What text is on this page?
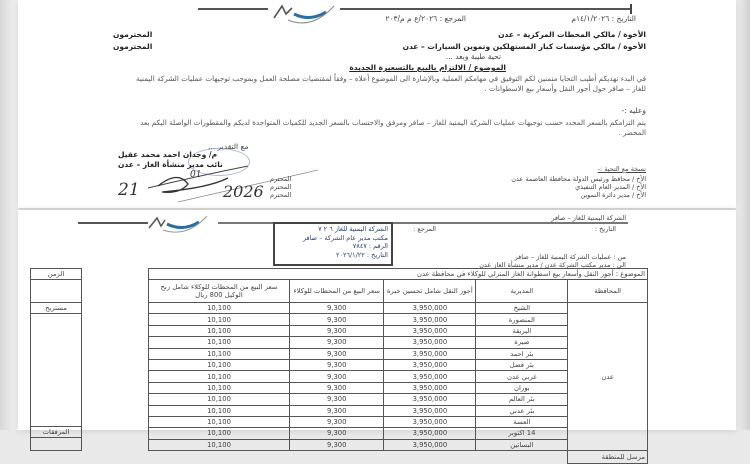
التاريخ : ١٤/١/٢٠٢٦م
المرجع : ٢٠٢٦/ع م م/٢٠٣
الأخوة / مالكي المحطات المركزية – عدن
المحترمون
الأخوة / مالكي مؤسسات كبار المستهلكين وتموين السيارات – عدن
المحترمون
تحية طيبة وبعد ...
الموضوع / الالتزام بالبيع بالتسعيرة الجديدة
في البدء نهديكم أطيب التحايا متمنين لكم التوفيق في مهامكم العملية وبالإشارة الى الموضوع أعلاه – وفقاً لمقتضيات مصلحة العمل وبموجب توجيهات عمليات الشركة اليمنية للغاز – صافر حول أجور النقل وأسعار بيع الاسطوانات .
وعليه :-
يتم التزامكم بالسعر المحدد حسب توجيهات عمليات الشركة اليمنية للغاز – صافر ومرفق والاحتساب بالسعر الجديد للكميات المتواجدة لديكم والمقطورات الواصلة اليكم بعد المحضر .
مع التقدير ...
م/ وجدان احمد محمد عقيل
نائب مدير منشأة الغاز – عدن
21
01
2026
نسخة مع التحية :-
الأخ / محافظ ورئيس الدولة محافظة العاصمة عدن
المحترم
الأخ / المدير العام التنفيذي
المحترم
الأخ / مدير دائرة التموين
المحترم
الشركة اليمنية للغاز – صافر
التاريخ :
المرجع :
الشركة اليمنية للغاز ٦ ٢ ٧
مكتب مدير عام الشركة – صافر
الرقم : ٧٨٤٧
التاريخ : ٢٠٢٦/١/٢٢	من : عمليات الشركة اليمنية للغاز – صافر
الى : مدير مكتب الشركة عدن / مدير منشأة الغاز عدن
الموضوع : أجور النقل وأسعار بيع اسطوانة الغاز المنزلي للوكلاء في محافظة عدن				
المحافظة	المديرية	أجور النقل شامل تحسين خبرة	سعر البيع من المحطات للوكلاء	سعر البيع من المحطات للوكلاء شامل ربح الوكيل 800 ريال
عدن	الشيخ	3,950,000	9,300	10,100
	المنصورة	3,950,000	9,300	10,100
	البريقة	3,950,000	9,300	10,100
	صيرة	3,950,000	9,300	10,100
	بئر احمد	3,950,000	9,300	10,100
	بئر فضل	3,950,000	9,300	10,100
	غربي عدن	3,950,000	9,300	10,100
	بوران	3,950,000	9,300	10,100
	بئر العالم	3,950,000	9,300	10,100
	بئر عدني	3,950,000	9,300	10,100
	العسة	3,950,000	9,300	10,100
	14 اكتوبر	3,950,000	9,300	10,100
	البساتين	3,950,000	9,300	10,100
مرسل للمنطقة				
الزمن

مستريح

المرفقات
